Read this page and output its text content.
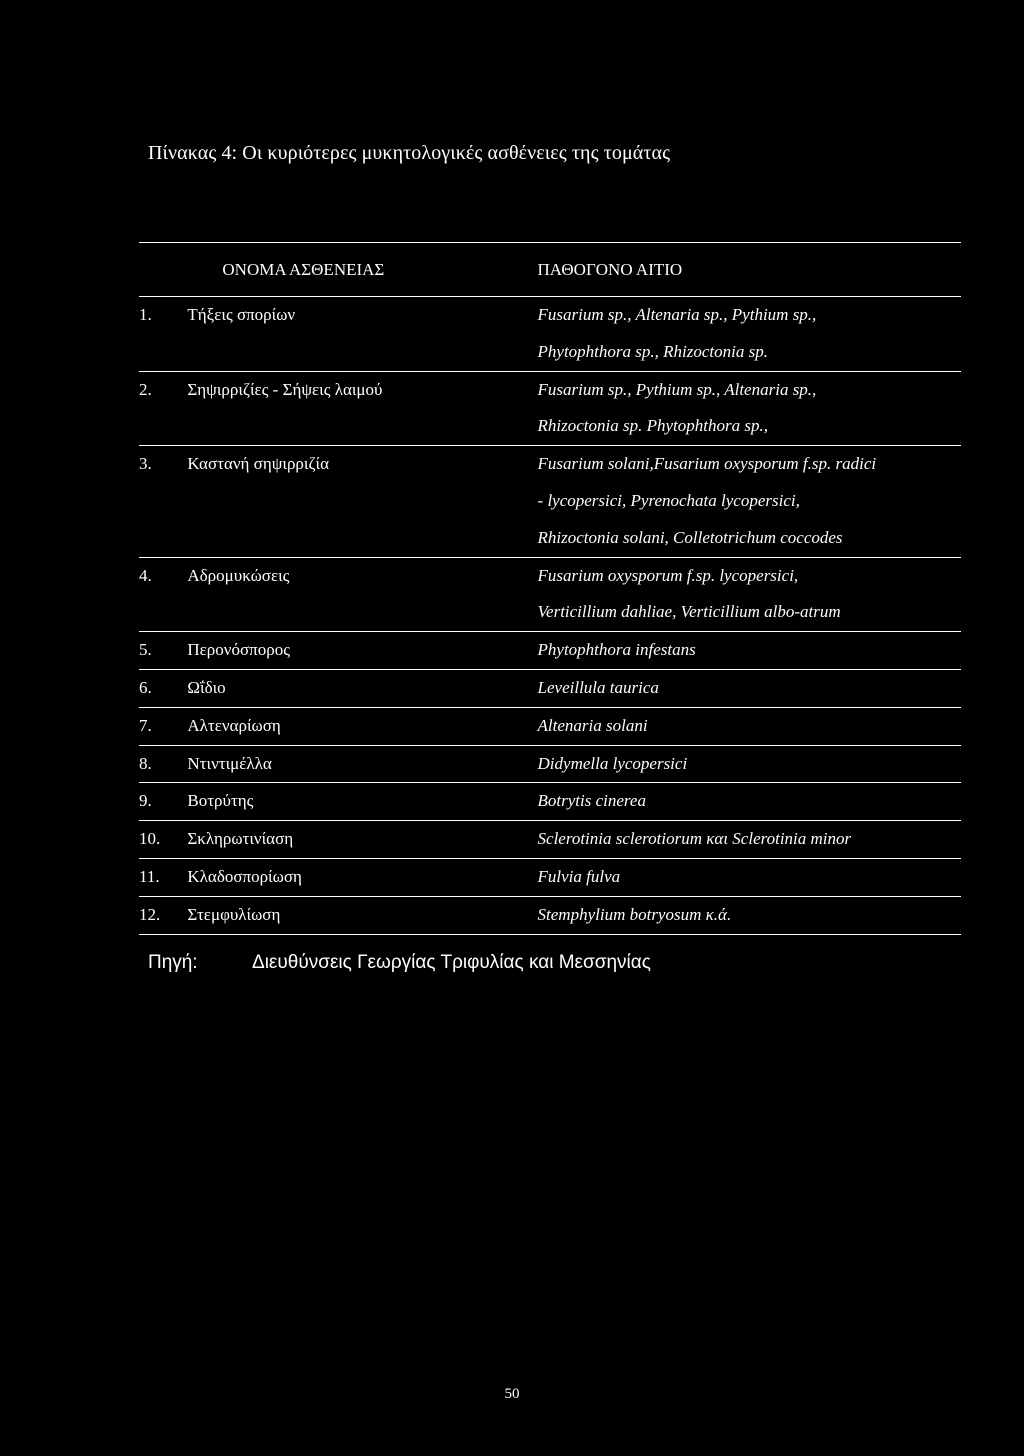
Πίνακας 4: Οι κυριότερες μυκητολογικές ασθένειες της τομάτας
	ΟΝΟΜΑ ΑΣΘΕΝΕΙΑΣ	ΠΑΘΟΓΟΝΟ ΑΙΤΙΟ

1.	Τήξεις σπορίων	Fusarium sp., Altenaria sp., Pythium sp.,
Phytophthora sp., Rhizoctonia sp.

2.	Σηψιρριζίες - Σήψεις λαιμού	Fusarium sp., Pythium sp., Altenaria sp.,
Rhizoctonia sp. Phytophthora sp.,

3.	Καστανή σηψιρριζία	Fusarium solani,Fusarium oxysporum f.sp. radici
- lycopersici, Pyrenochata lycopersici,
Rhizoctonia solani, Colletotrichum coccodes

4.	Αδρομυκώσεις	Fusarium oxysporum f.sp. lycopersici,
Verticillium dahliae, Verticillium albo-atrum

5.	Περονόσπορος	Phytophthora infestans

6.	Ωΐδιο	Leveillula taurica

7.	Αλτεναρίωση	Altenaria solani

8.	Ντιντιμέλλα	Didymella lycopersici

9.	Βοτρύτης	Botrytis cinerea

10.	Σκληρωτινίαση	Sclerotinia sclerotiorum και Sclerotinia minor

11.	Κλαδοσπορίωση	Fulvia fulva

12.	Στεμφυλίωση	Stemphylium botryosum κ.ά.
Πηγή:	Διευθύνσεις Γεωργίας Τριφυλίας και Μεσσηνίας
50
